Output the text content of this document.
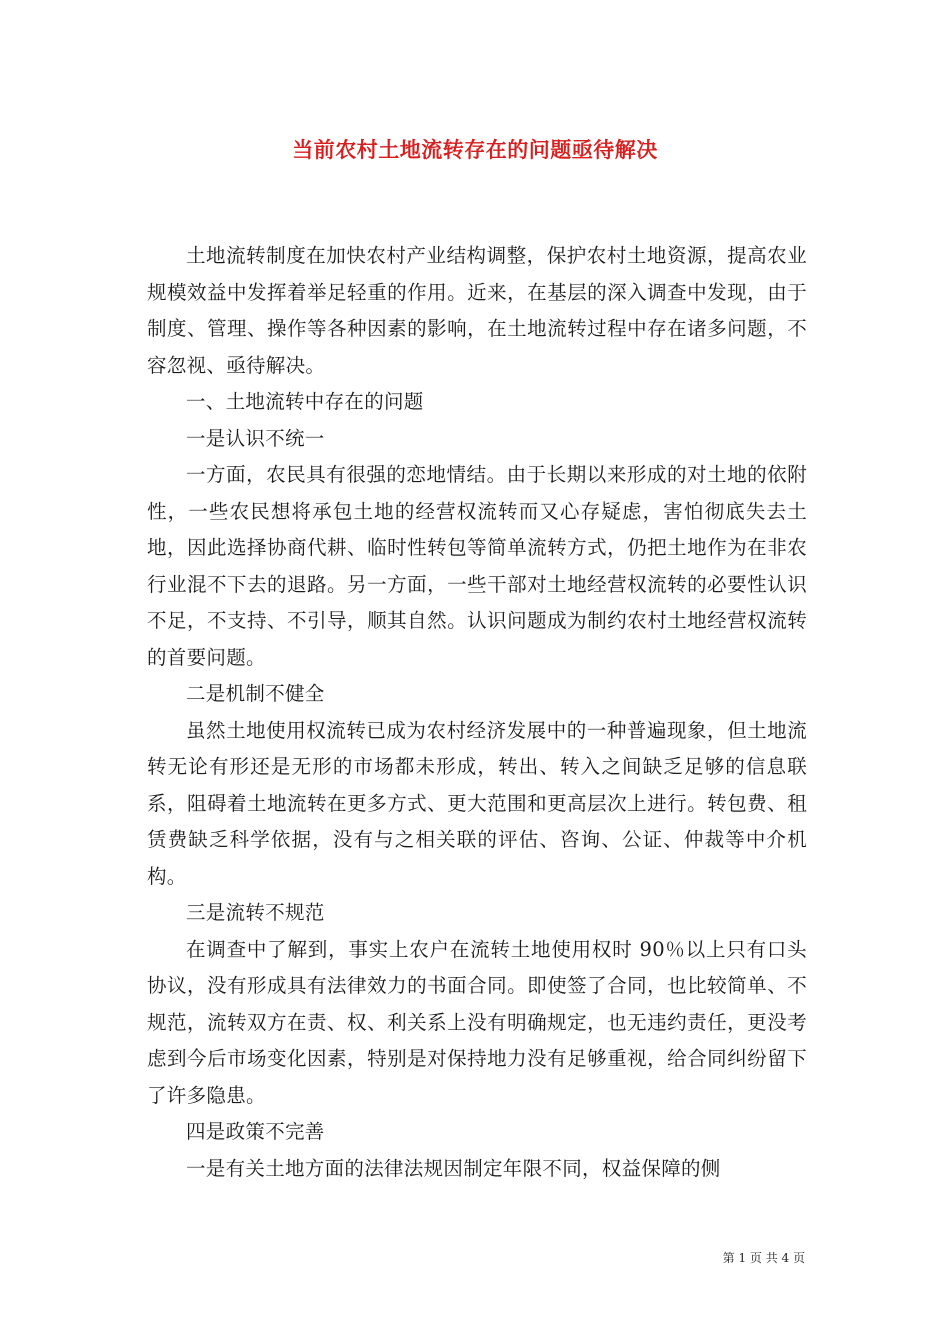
当前农村土地流转存在的问题亟待解决

土地流转制度在加快农村产业结构调整，保护农村土地资源，提高农业规模效益中发挥着举足轻重的作用。近来，在基层的深入调查中发现，由于制度、管理、操作等各种因素的影响，在土地流转过程中存在诸多问题，不容忽视、亟待解决。

一、土地流转中存在的问题

一是认识不统一

一方面，农民具有很强的恋地情结。由于长期以来形成的对土地的依附性，一些农民想将承包土地的经营权流转而又心存疑虑，害怕彻底失去土地，因此选择协商代耕、临时性转包等简单流转方式，仍把土地作为在非农行业混不下去的退路。另一方面，一些干部对土地经营权流转的必要性认识不足，不支持、不引导，顺其自然。认识问题成为制约农村土地经营权流转的首要问题。

二是机制不健全

虽然土地使用权流转已成为农村经济发展中的一种普遍现象，但土地流转无论有形还是无形的市场都未形成，转出、转入之间缺乏足够的信息联系，阻碍着土地流转在更多方式、更大范围和更高层次上进行。转包费、租赁费缺乏科学依据，没有与之相关联的评估、咨询、公证、仲裁等中介机构。

三是流转不规范

在调查中了解到，事实上农户在流转土地使用权时 90％以上只有口头协议，没有形成具有法律效力的书面合同。即使签了合同，也比较简单、不规范，流转双方在责、权、利关系上没有明确规定，也无违约责任，更没考虑到今后市场变化因素，特别是对保持地力没有足够重视，给合同纠纷留下了许多隐患。

四是政策不完善

一是有关土地方面的法律法规因制定年限不同，权益保障的侧

第 1 页 共 4 页
